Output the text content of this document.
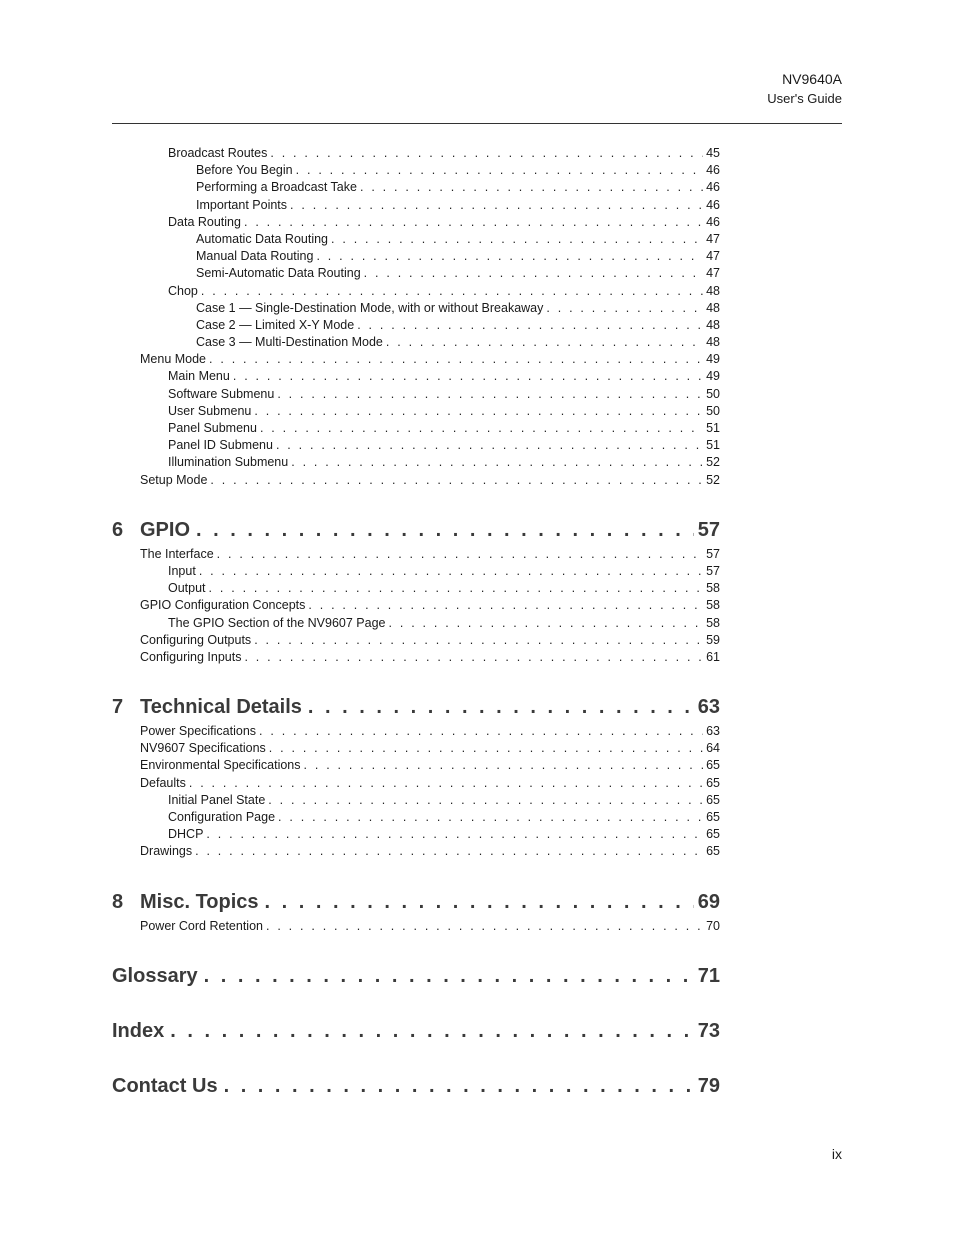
NV9640A
User's Guide
Broadcast Routes . . .	45
Before You Begin . . .	46
Performing a Broadcast Take . . .	46
Important Points . . .	46
Data Routing . . .	46
Automatic Data Routing . . .	47
Manual Data Routing . . .	47
Semi-Automatic Data Routing . . .	47
Chop . . .	48
Case 1 — Single-Destination Mode, with or without Breakaway . . .	48
Case 2 — Limited X-Y Mode . . .	48
Case 3 — Multi-Destination Mode . . .	48
Menu Mode . . .	49
Main Menu . . .	49
Software Submenu . . .	50
User Submenu . . .	50
Panel Submenu . . .	51
Panel ID Submenu . . .	51
Illumination Submenu . . .	52
Setup Mode . . .	52
6 GPIO . . .	57
The Interface . . .	57
Input . . .	57
Output . . .	58
GPIO Configuration Concepts . . .	58
The GPIO Section of the NV9607 Page . . .	58
Configuring Outputs . . .	59
Configuring Inputs . . .	61
7 Technical Details . . .	63
Power Specifications . . .	63
NV9607 Specifications . . .	64
Environmental Specifications . . .	65
Defaults . . .	65
Initial Panel State . . .	65
Configuration Page . . .	65
DHCP . . .	65
Drawings . . .	65
8 Misc. Topics . . .	69
Power Cord Retention . . .	70
Glossary . . .	71
Index . . .	73
Contact Us . . .	79
ix
